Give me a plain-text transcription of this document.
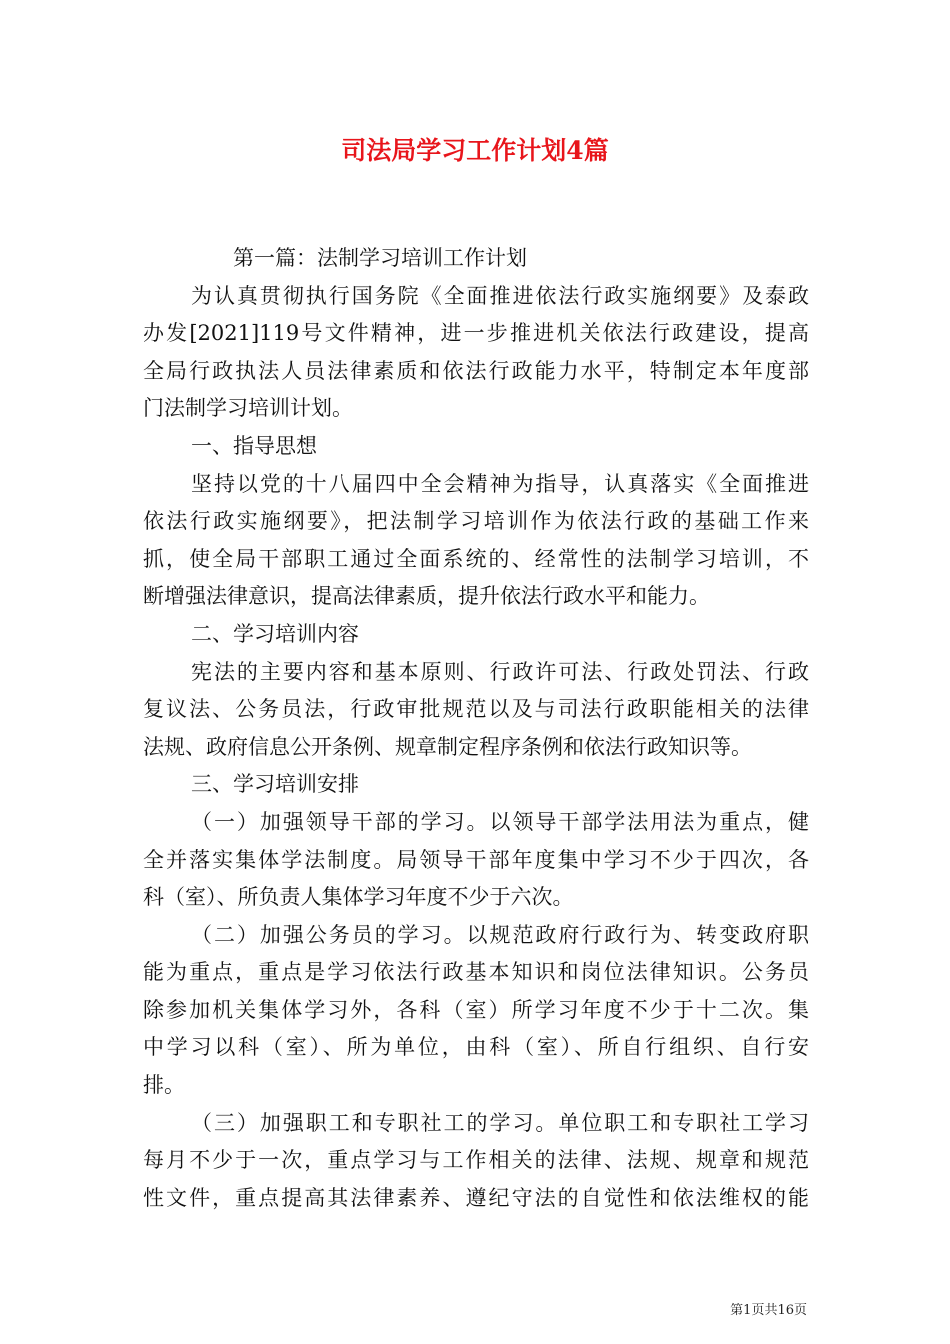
司法局学习工作计划4篇
第一篇：法制学习培训工作计划
为认真贯彻执行国务院《全面推进依法行政实施纲要》及泰政
办发[2021]119号文件精神，进一步推进机关依法行政建设，提高
全局行政执法人员法律素质和依法行政能力水平，特制定本年度部
门法制学习培训计划。
一、指导思想
坚持以党的十八届四中全会精神为指导，认真落实《全面推进
依法行政实施纲要》，把法制学习培训作为依法行政的基础工作来
抓，使全局干部职工通过全面系统的、经常性的法制学习培训，不
断增强法律意识，提高法律素质，提升依法行政水平和能力。
二、学习培训内容
宪法的主要内容和基本原则、行政许可法、行政处罚法、行政
复议法、公务员法，行政审批规范以及与司法行政职能相关的法律
法规、政府信息公开条例、规章制定程序条例和依法行政知识等。
三、学习培训安排
（一）加强领导干部的学习。以领导干部学法用法为重点，健
全并落实集体学法制度。局领导干部年度集中学习不少于四次，各
科（室）、所负责人集体学习年度不少于六次。
（二）加强公务员的学习。以规范政府行政行为、转变政府职
能为重点，重点是学习依法行政基本知识和岗位法律知识。公务员
除参加机关集体学习外，各科（室）所学习年度不少于十二次。集
中学习以科（室）、所为单位，由科（室）、所自行组织、自行安
排。
（三）加强职工和专职社工的学习。单位职工和专职社工学习
每月不少于一次，重点学习与工作相关的法律、法规、规章和规范
性文件，重点提高其法律素养、遵纪守法的自觉性和依法维权的能
第1页共16页
